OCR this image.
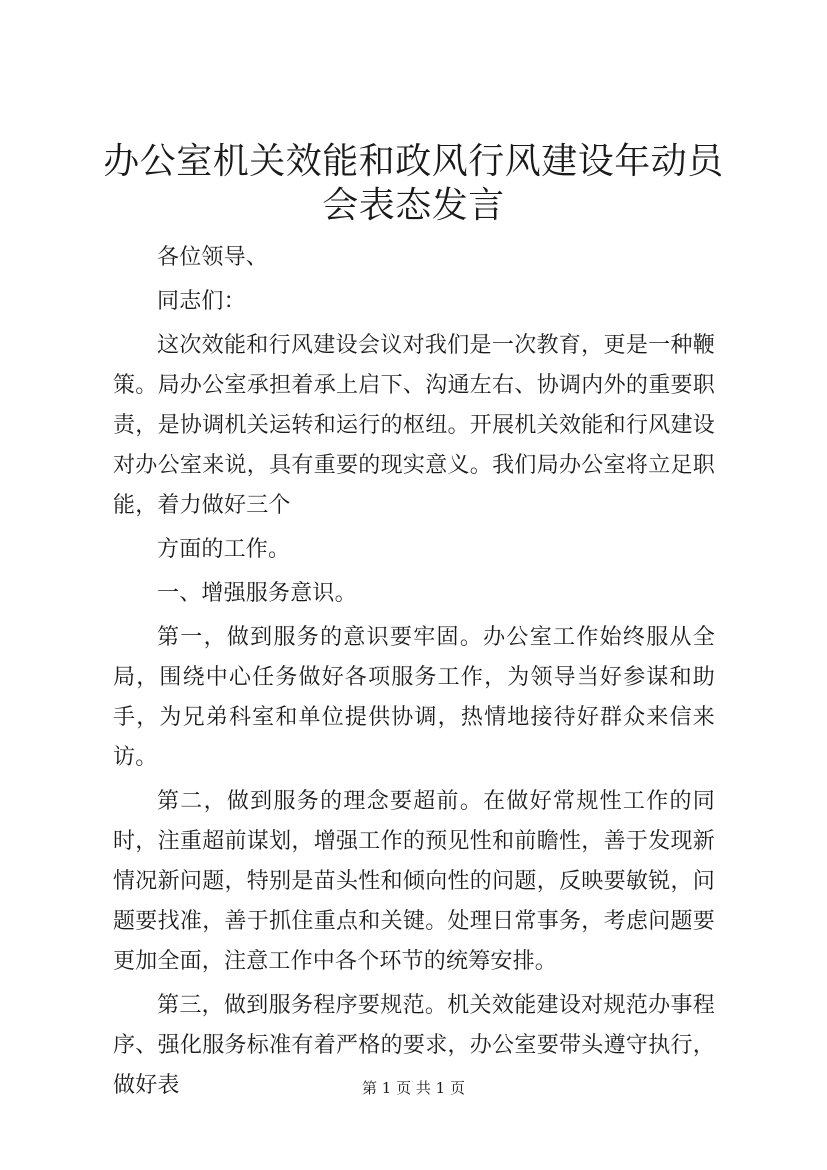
办公室机关效能和政风行风建设年动员会表态发言

各位领导、

同志们：

这次效能和行风建设会议对我们是一次教育，更是一种鞭策。局办公室承担着承上启下、沟通左右、协调内外的重要职责，是协调机关运转和运行的枢纽。开展机关效能和行风建设对办公室来说，具有重要的现实意义。我们局办公室将立足职能，着力做好三个

方面的工作。

一、增强服务意识。

第一，做到服务的意识要牢固。办公室工作始终服从全局，围绕中心任务做好各项服务工作，为领导当好参谋和助手，为兄弟科室和单位提供协调，热情地接待好群众来信来访。

第二，做到服务的理念要超前。在做好常规性工作的同时，注重超前谋划，增强工作的预见性和前瞻性，善于发现新情况新问题，特别是苗头性和倾向性的问题，反映要敏锐，问题要找准，善于抓住重点和关键。处理日常事务，考虑问题要更加全面，注意工作中各个环节的统筹安排。

第三，做到服务程序要规范。机关效能建设对规范办事程序、强化服务标准有着严格的要求，办公室要带头遵守执行，做好表	第 1 页 共 1 页
